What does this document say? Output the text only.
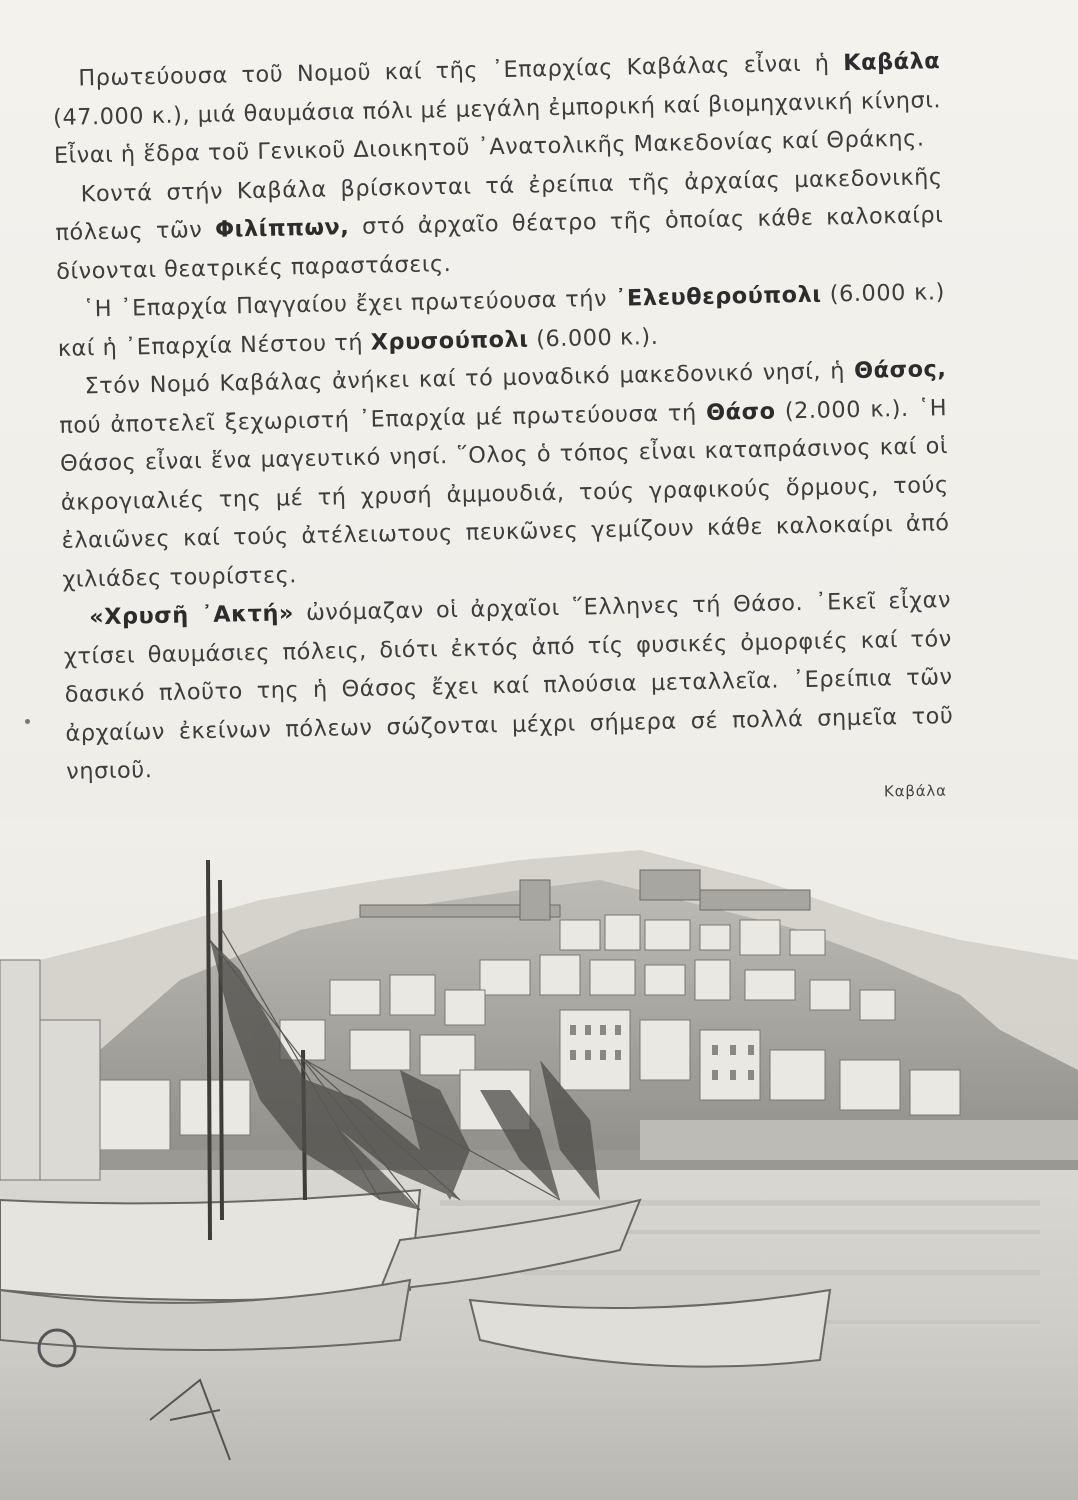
Πρωτεύουσα τοῦ Νομοῦ καί τῆς ᾿Επαρχίας Καβάλας εἶναι ἡ Καβάλα (47.000 κ.), μιά θαυμάσια πόλι μέ μεγάλη ἐμπορική καί βιομηχανική κίνησι. Εἶναι ἡ ἕδρα τοῦ Γενικοῦ Διοικητοῦ ᾿Ανατολικῆς Μακεδονίας καί Θράκης.

Κοντά στήν Καβάλα βρίσκονται τά ἐρείπια τῆς ἀρχαίας μακεδονικῆς πόλεως τῶν Φιλίππων, στό ἀρχαῖο θέατρο τῆς ὁποίας κάθε καλοκαίρι δίνονται θεατρικές παραστάσεις.

῾Η ᾿Επαρχία Παγγαίου ἔχει πρωτεύουσα τήν ᾿Ελευθερούπολι (6.000 κ.) καί ἡ ᾿Επαρχία Νέστου τή Χρυσούπολι (6.000 κ.).

Στόν Νομό Καβάλας ἀνήκει καί τό μοναδικό μακεδονικό νησί, ἡ Θάσος, πού ἀποτελεῖ ξεχωριστή ᾿Επαρχία μέ πρωτεύουσα τή Θάσο (2.000 κ.). ῾Η Θάσος εἶναι ἕνα μαγευτικό νησί. ῞Ολος ὁ τόπος εἶναι καταπράσινος καί οἱ ἀκρογιαλιές της μέ τή χρυσή ἀμμουδιά, τούς γραφικούς ὅρμους, τούς ἐλαιῶνες καί τούς ἀτέλειωτους πευκῶνες γεμίζουν κάθε καλοκαίρι ἀπό χιλιάδες τουρίστες.

«Χρυσῆ ᾿Ακτή» ὠνόμαζαν οἱ ἀρχαῖοι ῞Ελληνες τή Θάσο. ᾿Εκεῖ εἶχαν χτίσει θαυμάσιες πόλεις, διότι ἐκτός ἀπό τίς φυσικές ὀμορφιές καί τόν δασικό πλοῦτο της ἡ Θάσος ἔχει καί πλούσια μεταλλεῖα. ᾿Ερείπια τῶν ἀρχαίων ἐκείνων πόλεων σώζονται μέχρι σήμερα σέ πολλά σημεῖα τοῦ νησιοῦ.

Καβάλα
